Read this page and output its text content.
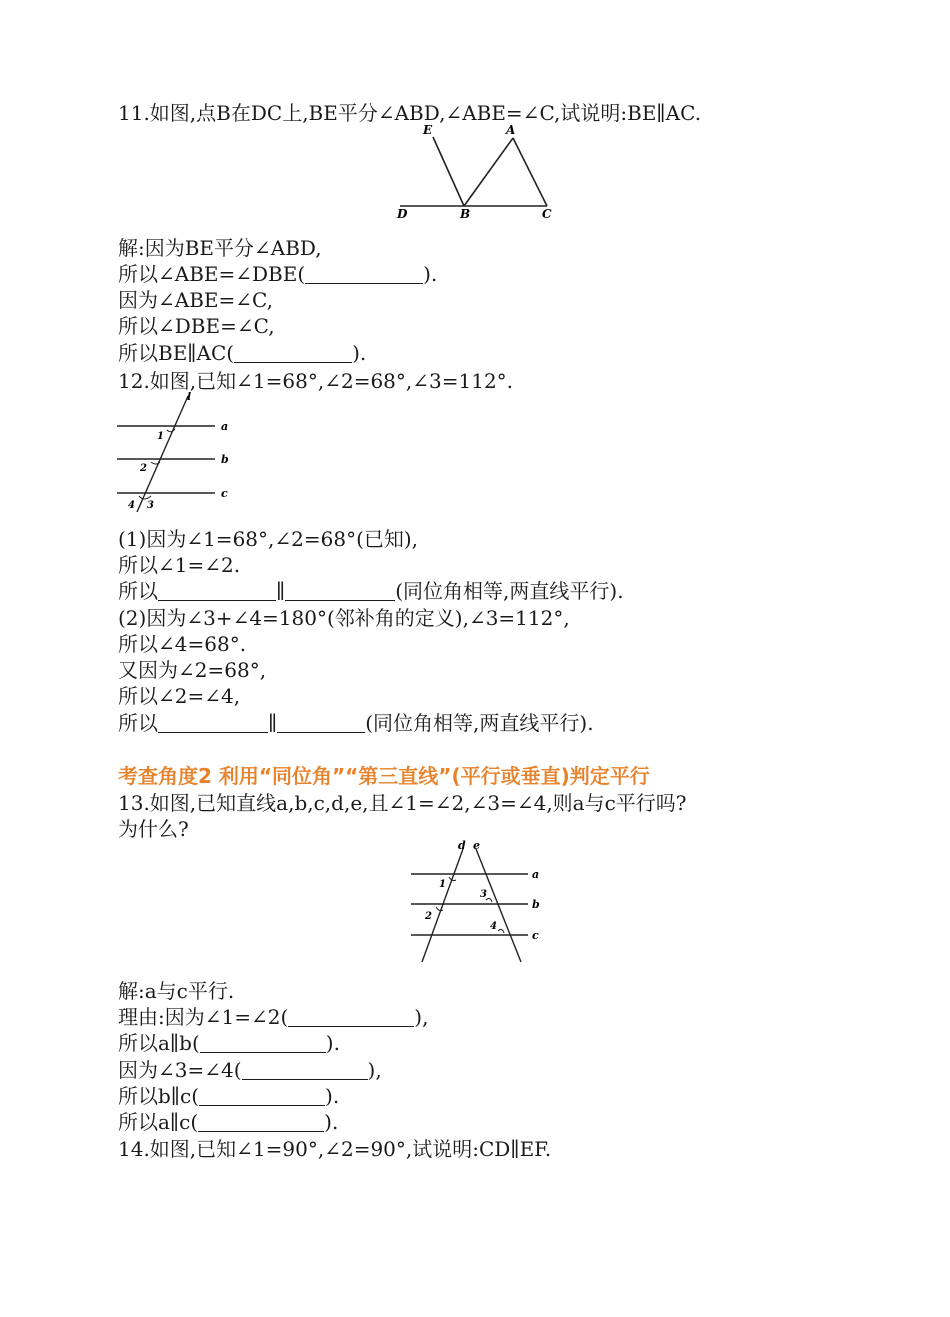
11.如图,点B在DC上,BE平分∠ABD,∠ABE=∠C,试说明:BE∥AC.
E	A
D	B	C
解:因为BE平分∠ABD,
所以∠ABE=∠DBE(	).
因为∠ABE=∠C,
所以∠DBE=∠C,
所以BE∥AC(	).
12.如图,已知∠1=68°,∠2=68°,∠3=112°.
l
a
b
c
1
2
4 3
(1)因为∠1=68°,∠2=68°(已知),
所以∠1=∠2.
所以	∥	(同位角相等,两直线平行).
(2)因为∠3+∠4=180°(邻补角的定义),∠3=112°,
所以∠4=68°.
又因为∠2=68°,
所以∠2=∠4,
所以	∥	(同位角相等,两直线平行).
考查角度2 利用“同位角”“第三直线”(平行或垂直)判定平行
13.如图,已知直线a,b,c,d,e,且∠1=∠2,∠3=∠4,则a与c平行吗?
为什么?
d e
a
b
c
1
3
2
4
解:a与c平行.
理由:因为∠1=∠2(	),
所以a∥b(	).
因为∠3=∠4(	),
所以b∥c(	).
所以a∥c(	).
14.如图,已知∠1=90°,∠2=90°,试说明:CD∥EF.
